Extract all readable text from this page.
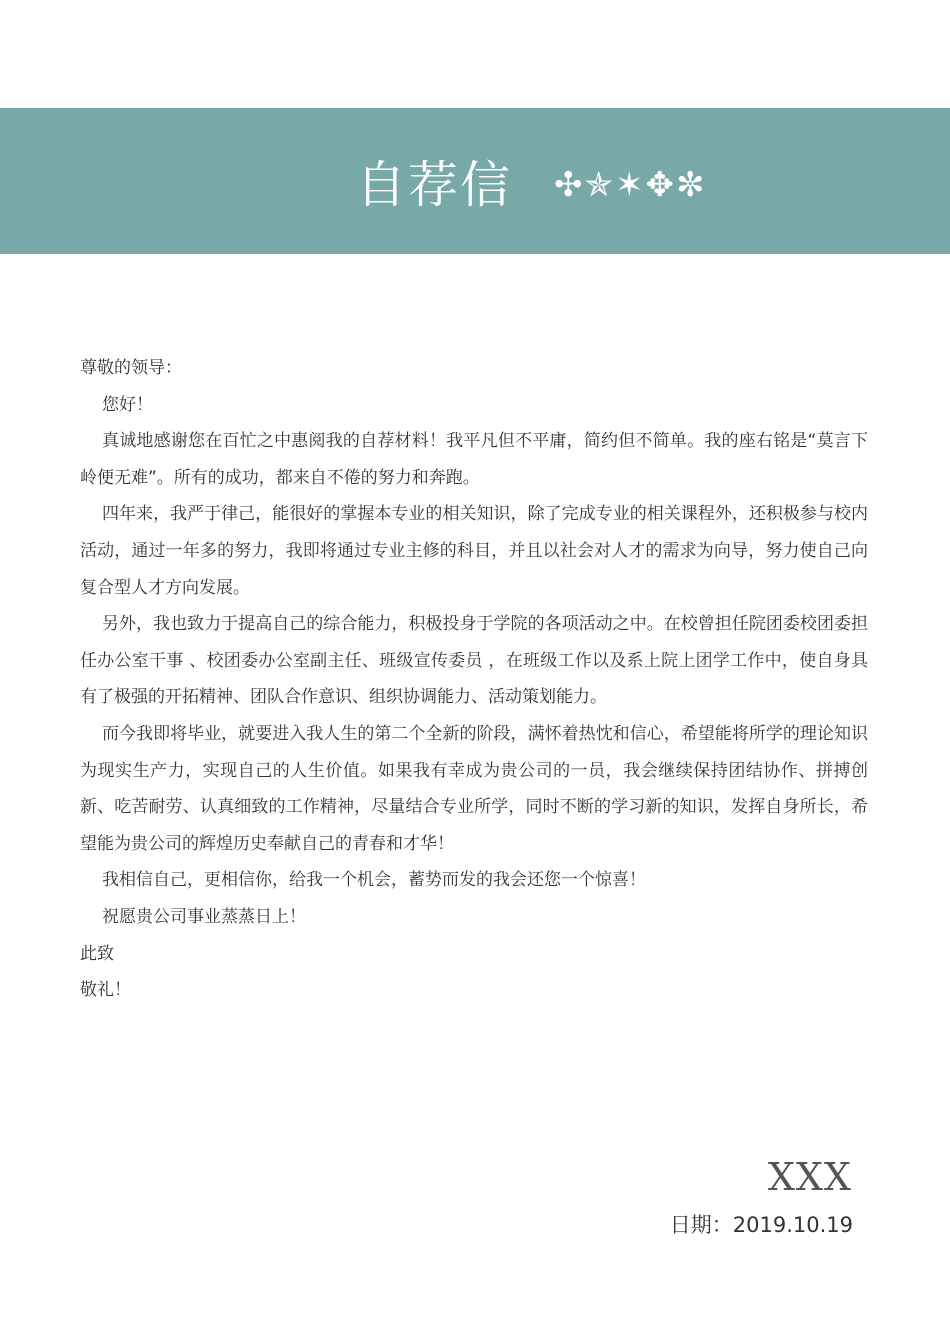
自荐信 ✣✯✶✥✼

尊敬的领导：

您好！

真诚地感谢您在百忙之中惠阅我的自荐材料！我平凡但不平庸，简约但不简单。我的座右铭是“莫言下岭便无难”。所有的成功，都来自不倦的努力和奔跑。

四年来，我严于律己，能很好的掌握本专业的相关知识，除了完成专业的相关课程外，还积极参与校内活动，通过一年多的努力，我即将通过专业主修的科目，并且以社会对人才的需求为向导，努力使自己向复合型人才方向发展。

另外，我也致力于提高自己的综合能力，积极投身于学院的各项活动之中。在校曾担任院团委校团委担任办公室干事 、校团委办公室副主任、班级宣传委员 ，在班级工作以及系上院上团学工作中，使自身具有了极强的开拓精神、团队合作意识、组织协调能力、活动策划能力。

而今我即将毕业，就要进入我人生的第二个全新的阶段，满怀着热忱和信心，希望能将所学的理论知识为现实生产力，实现自己的人生价值。如果我有幸成为贵公司的一员，我会继续保持团结协作、拼搏创新、吃苦耐劳、认真细致的工作精神，尽量结合专业所学，同时不断的学习新的知识，发挥自身所长，希望能为贵公司的辉煌历史奉献自己的青春和才华！

我相信自己，更相信你，给我一个机会，蓄势而发的我会还您一个惊喜！

祝愿贵公司事业蒸蒸日上！

此致

敬礼！

XXX
日期：2019.10.19
